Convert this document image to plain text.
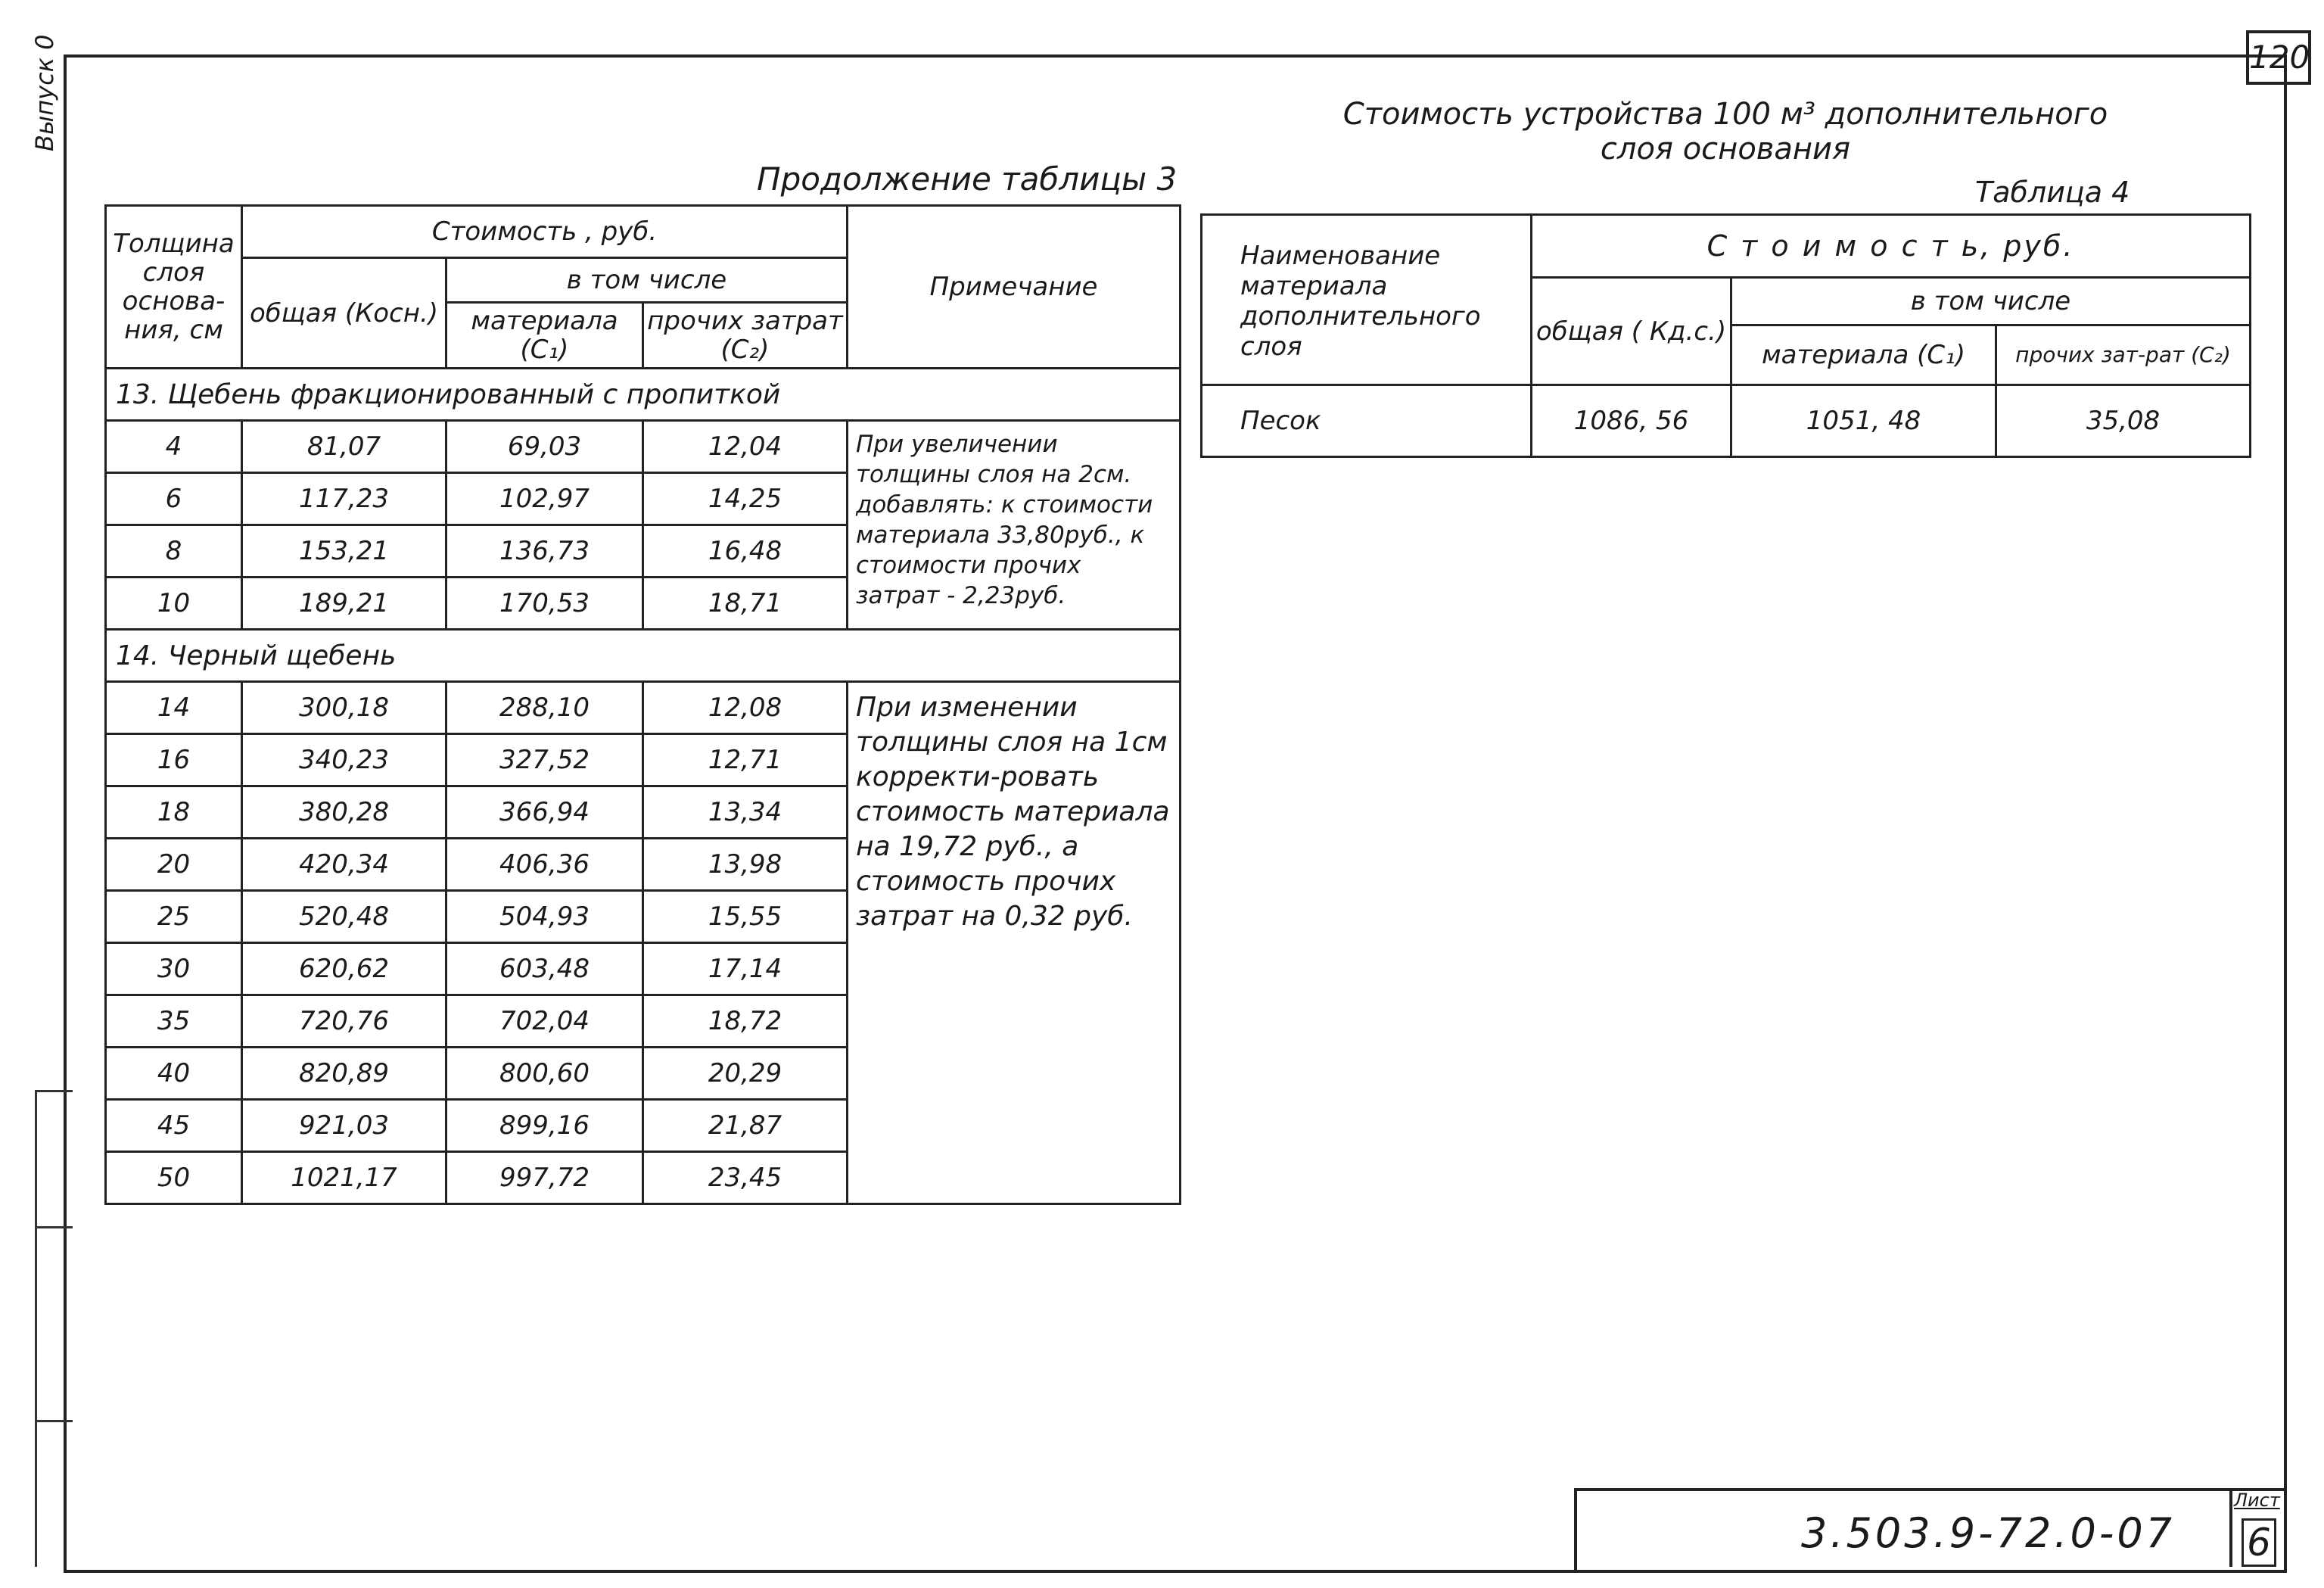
Выпуск 0	120
Продолжение таблицы 3
Толщина слоя основа-ния, см	Стоимость , руб.			Примечание
	общая (Косн.)	в том числе		
		материала (C₁)	прочих затрат (C₂)	
13. Щебень фракционированный с пропиткой				
4	81,07	69,03	12,04	При увеличении толщины слоя на 2см. добавлять: к стоимости материала 33,80руб., к стоимости прочих затрат - 2,23руб.
6	117,23	102,97	14,25	
8	153,21	136,73	16,48	
10	189,21	170,53	18,71	
14. Черный щебень				
14	300,18	288,10	12,08	При изменении толщины слоя на 1см корректи-ровать стоимость материала на 19,72 руб., а стоимость прочих затрат на 0,32 руб.
16	340,23	327,52	12,71	
18	380,28	366,94	13,34	
20	420,34	406,36	13,98	
25	520,48	504,93	15,55	
30	620,62	603,48	17,14	
35	720,76	702,04	18,72	
40	820,89	800,60	20,29	
45	921,03	899,16	21,87	
50	1021,17	997,72	23,45	
Стоимость устройства 100 м³ дополнительного
слоя основания
Таблица 4
Наименование материала дополнительного слоя	С т о и м о с т ь, руб.		
	общая ( Кд.с.)	в том числе	
		материала (C₁)	прочих зат-рат (C₂)
Песок	1086, 56	1051, 48	35,08
3.503.9-72.0-07
Лист
6
